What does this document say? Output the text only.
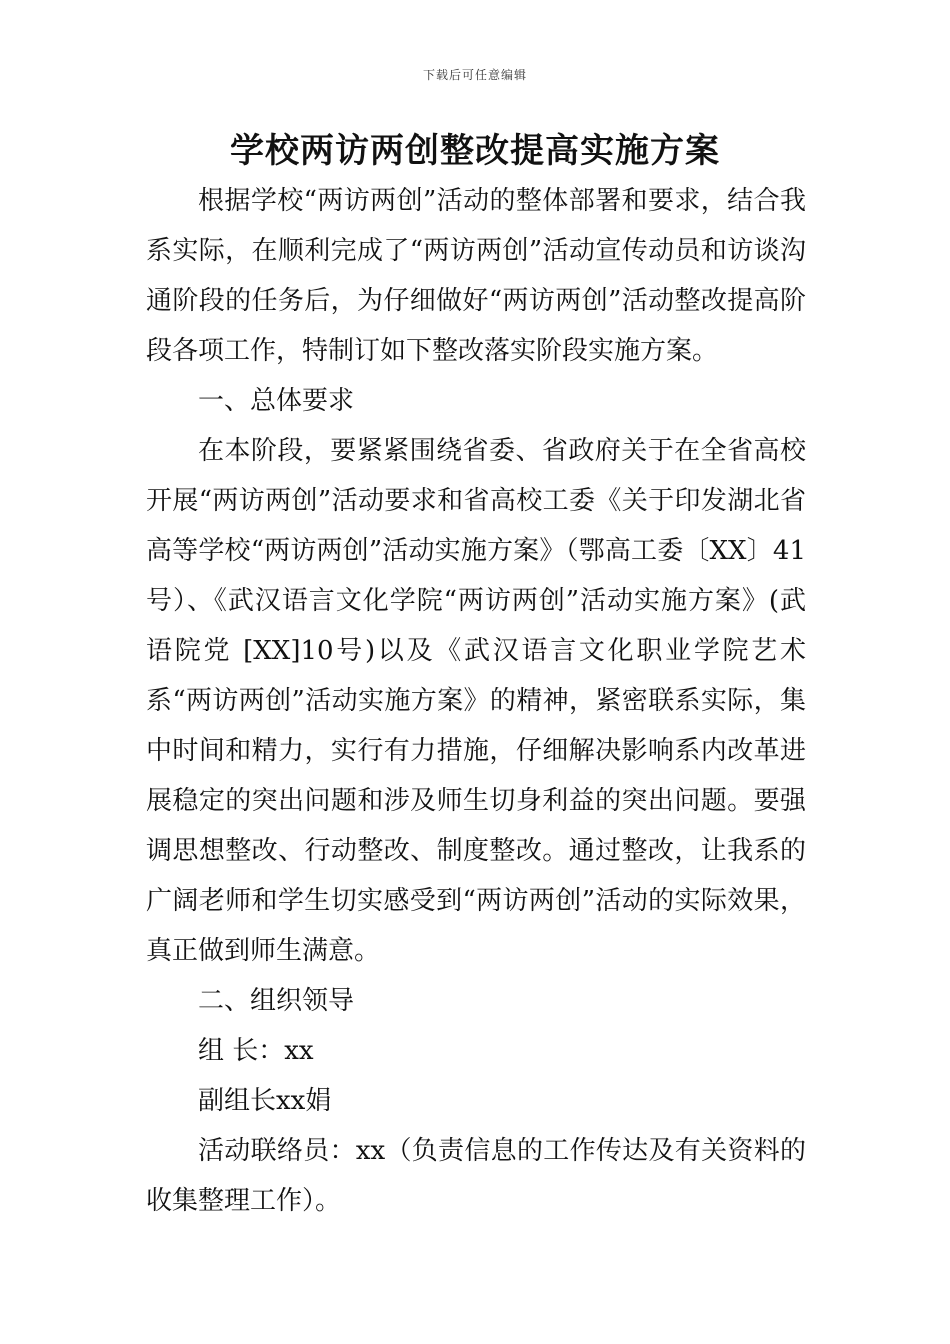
下载后可任意编辑
学校两访两创整改提高实施方案

根据学校“两访两创”活动的整体部署和要求，结合我系实际，在顺利完成了“两访两创”活动宣传动员和访谈沟通阶段的任务后，为仔细做好“两访两创”活动整改提高阶段各项工作，特制订如下整改落实阶段实施方案。

一、总体要求

在本阶段，要紧紧围绕省委、省政府关于在全省高校开展“两访两创”活动要求和省高校工委《关于印发湖北省高等学校“两访两创”活动实施方案》（鄂高工委〔XX〕41号）、《武汉语言文化学院“两访两创”活动实施方案》(武语院党 [XX]10号)以及《武汉语言文化职业学院艺术系“两访两创”活动实施方案》的精神，紧密联系实际，集中时间和精力，实行有力措施，仔细解决影响系内改革进展稳定的突出问题和涉及师生切身利益的突出问题。要强调思想整改、行动整改、制度整改。通过整改，让我系的广阔老师和学生切实感受到“两访两创”活动的实际效果，真正做到师生满意。

二、组织领导

组 长：xx

副组长xx娟

活动联络员：xx（负责信息的工作传达及有关资料的收集整理工作）。
